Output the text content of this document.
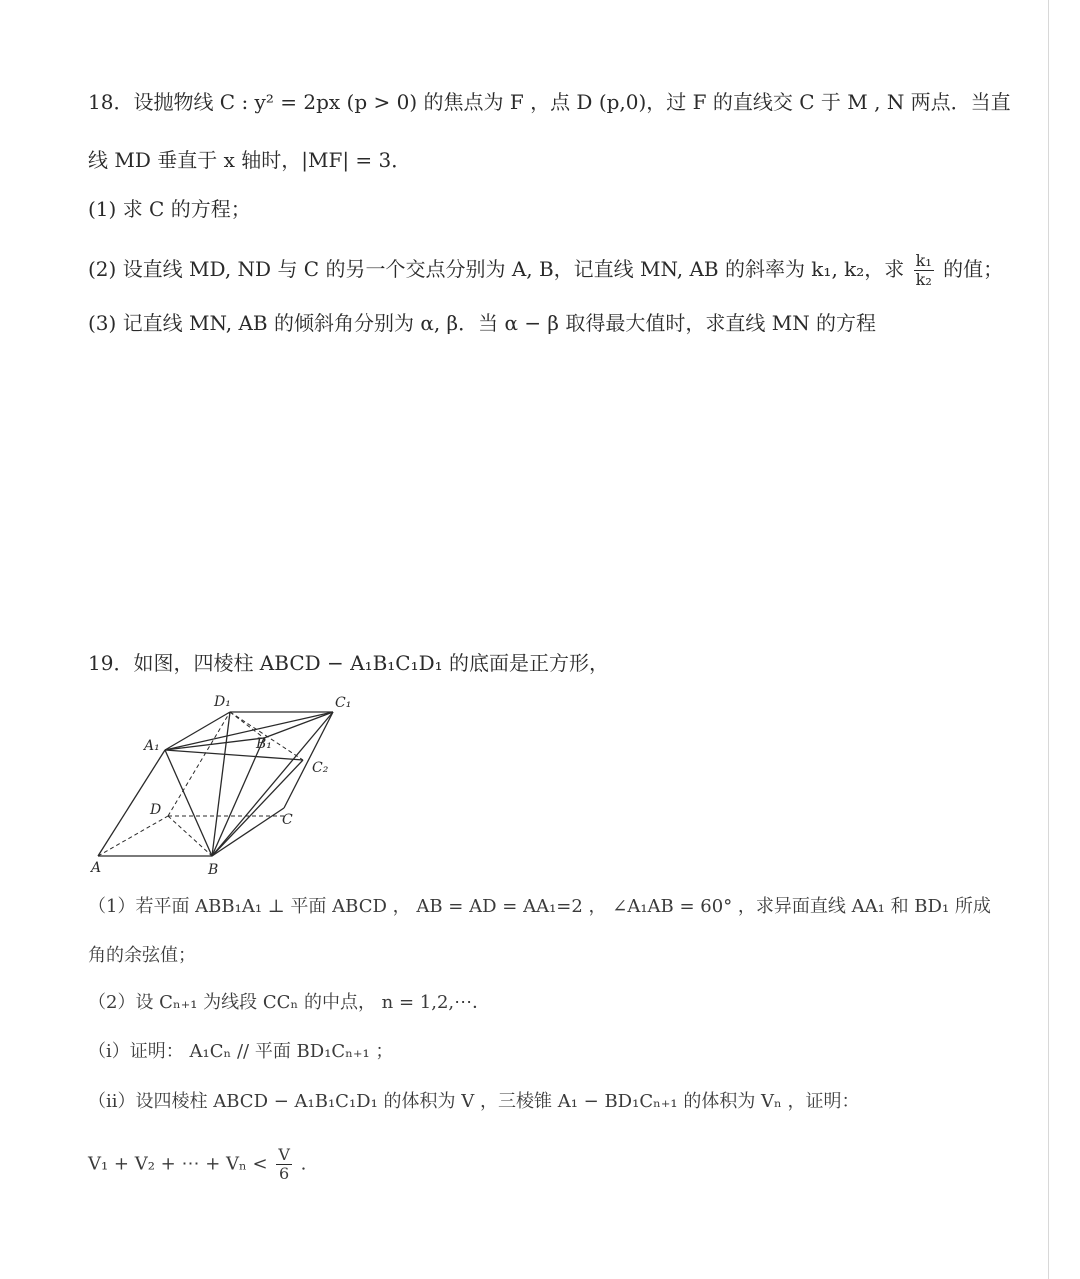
18．设抛物线 C : y² = 2px (p > 0) 的焦点为 F ，点 D (p,0)，过 F 的直线交 C 于 M , N 两点．当直
线 MD 垂直于 x 轴时，|MF| = 3．
(1) 求 C 的方程；
(2) 设直线 MD, ND 与 C 的另一个交点分别为 A, B，记直线 MN, AB 的斜率为 k₁, k₂，求 $\frac{\text{k₁}}{\text{k₂}}$ 的值；
(3) 记直线 MN, AB 的倾斜角分别为 α, β．当 α − β 取得最大值时，求直线 MN 的方程
19．如图，四棱柱 ABCD − A₁B₁C₁D₁ 的底面是正方形，
D₁	C₁
A₁	B₁
C₂
D
C
A	B
（1）若平面 ABB₁A₁ ⊥ 平面 ABCD ， AB = AD = AA₁=2 ， ∠A₁AB = 60° ，求异面直线 AA₁ 和 BD₁ 所成
角的余弦值；
（2）设 Cₙ₊₁ 为线段 CCₙ 的中点， n = 1,2,⋯．
（i）证明： A₁Cₙ // 平面 BD₁Cₙ₊₁ ；
（ii）设四棱柱 ABCD − A₁B₁C₁D₁ 的体积为 V ，三棱锥 A₁ − BD₁Cₙ₊₁ 的体积为 Vₙ ，证明：
V₁ + V₂ + ⋯ + $V_n < \frac{V}{6}$ .
